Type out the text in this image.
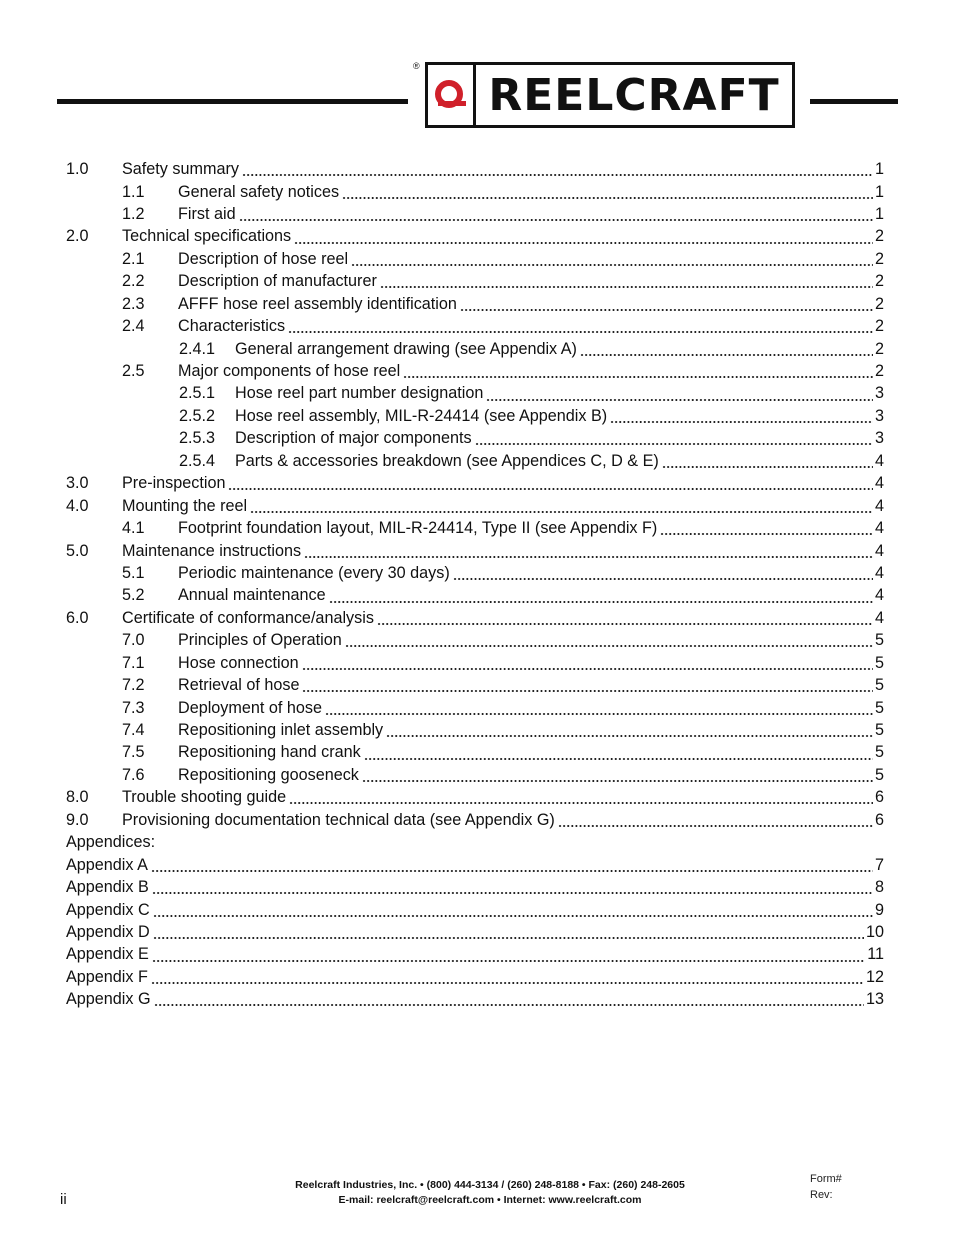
®
REELCRAFT
1.0 Safety summary	1
1.1 General safety notices	1
1.2 First aid	1
2.0 Technical specifications	2
2.1 Description of hose reel	2
2.2 Description of manufacturer	2
2.3 AFFF hose reel assembly identification	2
2.4 Characteristics	2
2.4.1 General arrangement drawing (see Appendix A)	2
2.5 Major components of hose reel	2
2.5.1 Hose reel part number designation	3
2.5.2 Hose reel assembly, MIL-R-24414 (see Appendix B)	3
2.5.3 Description of major components	3
2.5.4 Parts & accessories breakdown (see Appendices C, D & E)	4
3.0 Pre-inspection	4
4.0 Mounting the reel	4
4.1 Footprint foundation layout, MIL-R-24414, Type II (see Appendix F)	4
5.0 Maintenance instructions	4
5.1 Periodic maintenance (every 30 days)	4
5.2 Annual maintenance	4
6.0 Certificate of conformance/analysis	4
7.0 Principles of Operation	5
7.1 Hose connection	5
7.2 Retrieval of hose	5
7.3 Deployment of hose	5
7.4 Repositioning inlet assembly	5
7.5 Repositioning hand crank	5
7.6 Repositioning gooseneck	5
8.0 Trouble shooting guide	6
9.0 Provisioning documentation technical data (see Appendix G)	6
Appendices:
Appendix A	7
Appendix B	8
Appendix C	9
Appendix D	10
Appendix E	11
Appendix F	12
Appendix G	13
ii
Reelcraft Industries, Inc. • (800) 444-3134 / (260) 248-8188 • Fax: (260) 248-2605
E-mail: reelcraft@reelcraft.com • Internet: www.reelcraft.com
Form#
Rev:
